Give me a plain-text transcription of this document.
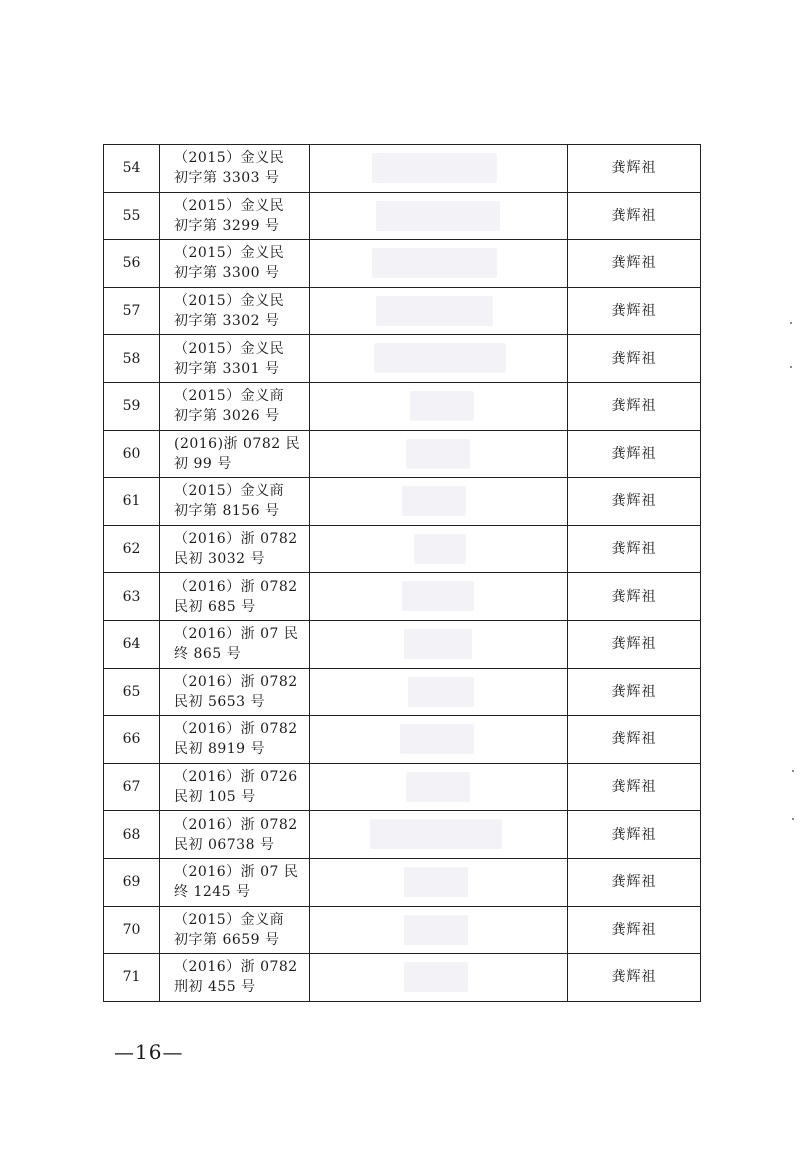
54	（2015）金义民
初字第 3303 号		龚辉祖
55	（2015）金义民
初字第 3299 号		龚辉祖
56	（2015）金义民
初字第 3300 号		龚辉祖
57	（2015）金义民
初字第 3302 号		龚辉祖
58	（2015）金义民
初字第 3301 号		龚辉祖
59	（2015）金义商
初字第 3026 号		龚辉祖
60	(2016)浙 0782 民
初 99 号		龚辉祖
61	（2015）金义商
初字第 8156 号		龚辉祖
62	（2016）浙 0782
民初 3032 号		龚辉祖
63	（2016）浙 0782
民初 685 号		龚辉祖
64	（2016）浙 07 民
终 865 号		龚辉祖
65	（2016）浙 0782
民初 5653 号		龚辉祖
66	（2016）浙 0782
民初 8919 号		龚辉祖
67	（2016）浙 0726
民初 105 号		龚辉祖
68	（2016）浙 0782
民初 06738 号		龚辉祖
69	（2016）浙 07 民
终 1245 号		龚辉祖
70	（2015）金义商
初字第 6659 号		龚辉祖
71	（2016）浙 0782
刑初 455 号		龚辉祖
—16—
